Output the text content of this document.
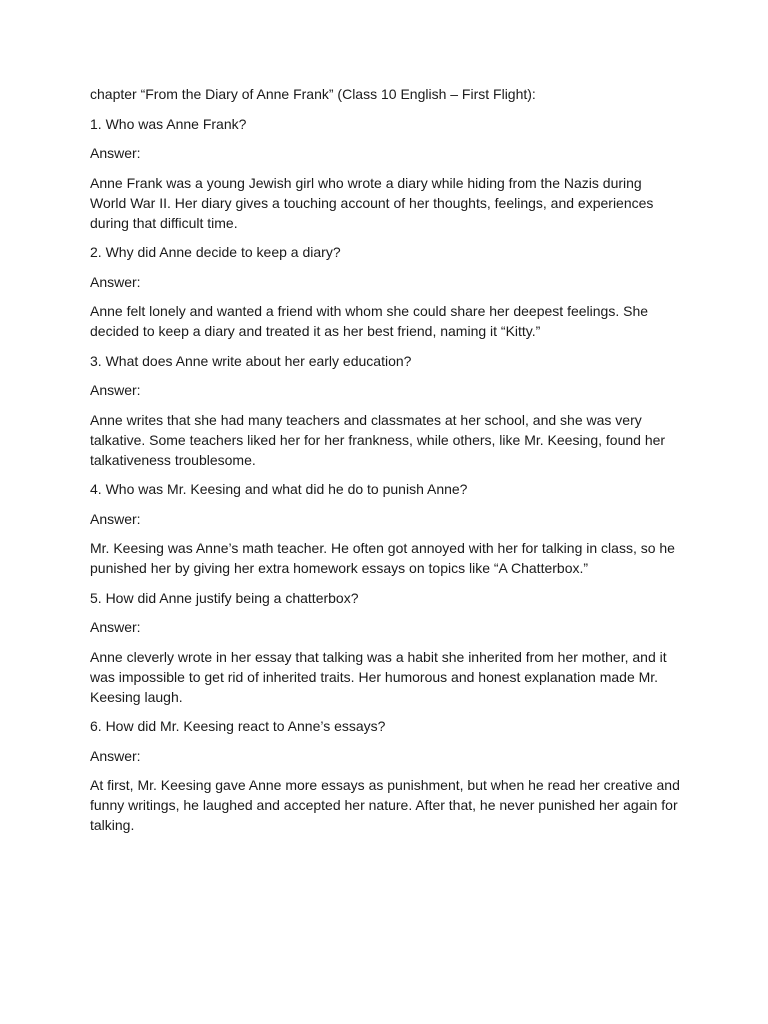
chapter “From the Diary of Anne Frank” (Class 10 English – First Flight):

1. Who was Anne Frank?

Answer:

Anne Frank was a young Jewish girl who wrote a diary while hiding from the Nazis during World War II. Her diary gives a touching account of her thoughts, feelings, and experiences during that difficult time.

2. Why did Anne decide to keep a diary?

Answer:

Anne felt lonely and wanted a friend with whom she could share her deepest feelings. She decided to keep a diary and treated it as her best friend, naming it “Kitty.”

3. What does Anne write about her early education?

Answer:

Anne writes that she had many teachers and classmates at her school, and she was very talkative. Some teachers liked her for her frankness, while others, like Mr. Keesing, found her talkativeness troublesome.

4. Who was Mr. Keesing and what did he do to punish Anne?

Answer:

Mr. Keesing was Anne’s math teacher. He often got annoyed with her for talking in class, so he punished her by giving her extra homework essays on topics like “A Chatterbox.”

5. How did Anne justify being a chatterbox?

Answer:

Anne cleverly wrote in her essay that talking was a habit she inherited from her mother, and it was impossible to get rid of inherited traits. Her humorous and honest explanation made Mr. Keesing laugh.

6. How did Mr. Keesing react to Anne’s essays?

Answer:

At first, Mr. Keesing gave Anne more essays as punishment, but when he read her creative and funny writings, he laughed and accepted her nature. After that, he never punished her again for talking.
